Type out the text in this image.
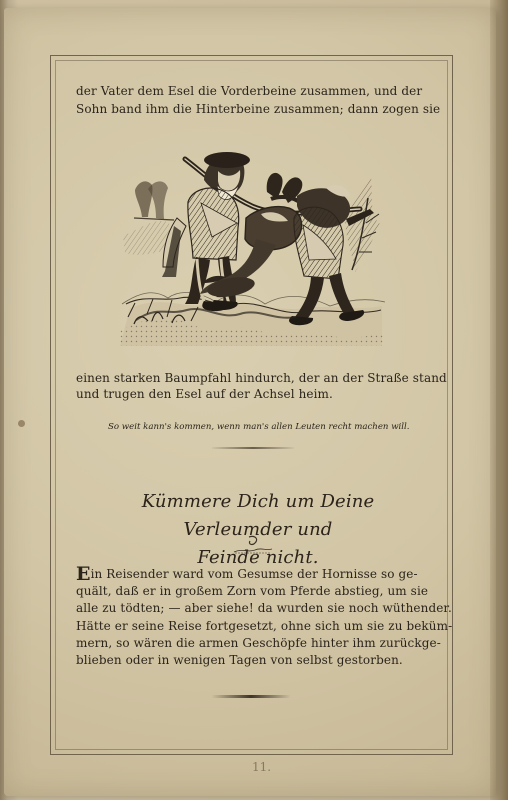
der Vater dem Esel die Vorderbeine zusammen, und der

Sohn band ihm die Hinterbeine zusammen; dann zogen sie

einen starken Baumpfahl hindurch, der an der Straße stand

und trugen den Esel auf der Achsel heim.

So weit kann's kommen, wenn man's allen Leuten recht machen will.

Kümmere Dich um Deine Verleumder und
Feinde nicht.

Ein Reisender ward vom Gesumse der Hornisse so ge-

quält, daß er in großem Zorn vom Pferde abstieg, um sie

alle zu tödten; — aber siehe! da wurden sie noch wüthender.

Hätte er seine Reise fortgesetzt, ohne sich um sie zu beküm-

mern, so wären die armen Geschöpfe hinter ihm zurückge-

blieben oder in wenigen Tagen von selbst gestorben.

11.
